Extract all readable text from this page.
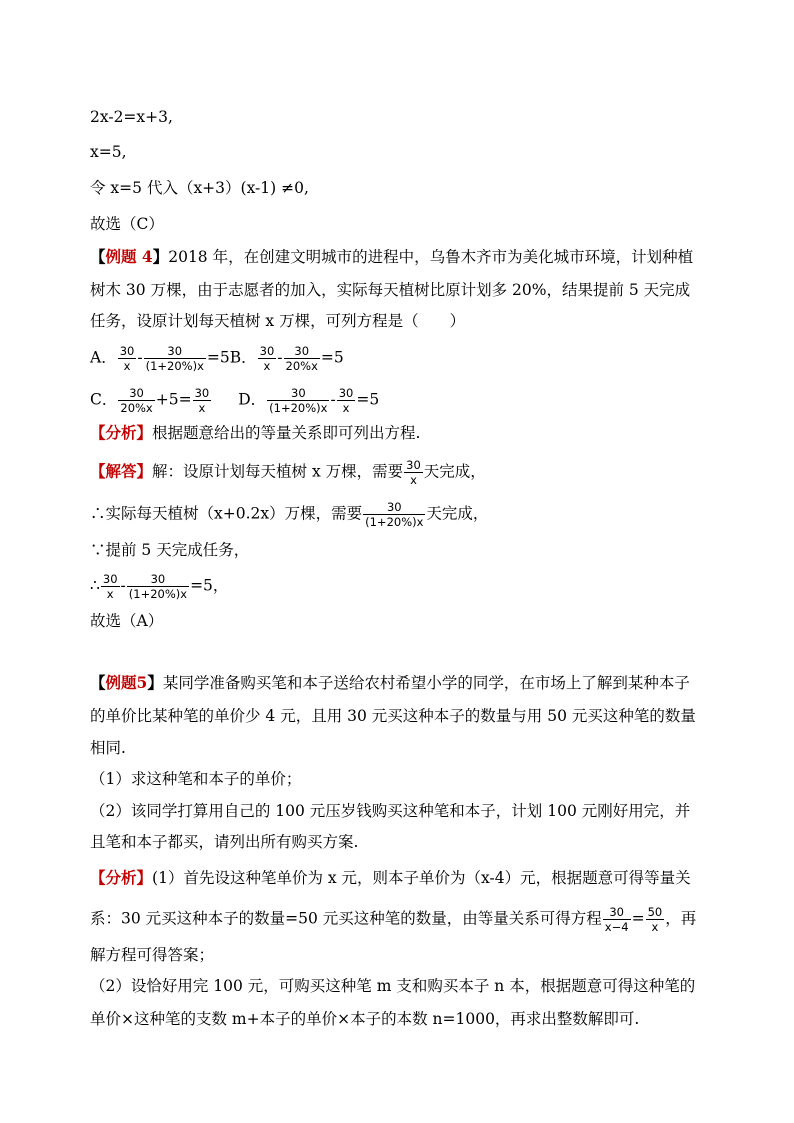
2x-2=x+3,
x=5,
令 x=5 代入（x+3）(x-1) ≠0,
故选（C）
【例题 4】2018 年，在创建文明城市的进程中，乌鲁木齐市为美化城市环境，计划种植
树木 30 万棵，由于志愿者的加入，实际每天植树比原计划多 20%，结果提前 5 天完成
任务，设原计划每天植树 x 万棵，可列方程是（　　）
A． $\frac{30}{x} - \frac{30}{(1+20\%)x} =5B$． $\frac{30}{x} - \frac{30}{20\%x} =5$
C． $\frac{30}{20\%x} +5= \frac{30}{x}$ D． $\frac{30}{(1+20\%)x} - \frac{30}{x} =5$
【分析】根据题意给出的等量关系即可列出方程.
【解答】解：设原计划每天植树 x 万棵，需要 $\frac{30}{x}$ 天完成，
∴实际每天植树（x+0.2x）万棵，需要 $\frac{30}{(1+20\%)x}$ 天完成，
∵提前 5 天完成任务，
∴ $\frac{30}{x} - \frac{30}{(1+20\%)x} =5$，
故选（A）
【例题5】某同学准备购买笔和本子送给农村希望小学的同学，在市场上了解到某种本子
的单价比某种笔的单价少 4 元，且用 30 元买这种本子的数量与用 50 元买这种笔的数量
相同.
（1）求这种笔和本子的单价；
（2）该同学打算用自己的 100 元压岁钱购买这种笔和本子，计划 100 元刚好用完，并
且笔和本子都买，请列出所有购买方案.
【分析】(1）首先设这种笔单价为 x 元，则本子单价为（x-4）元，根据题意可得等量关
系：30 元买这种本子的数量=50 元买这种笔的数量，由等量关系可得方程 $\frac{30}{x-4} = \frac{50}{x}$ ，再
解方程可得答案；
（2）设恰好用完 100 元，可购买这种笔 m 支和购买本子 n 本，根据题意可得这种笔的
单价×这种笔的支数 m+本子的单价×本子的本数 n=1000，再求出整数解即可.
